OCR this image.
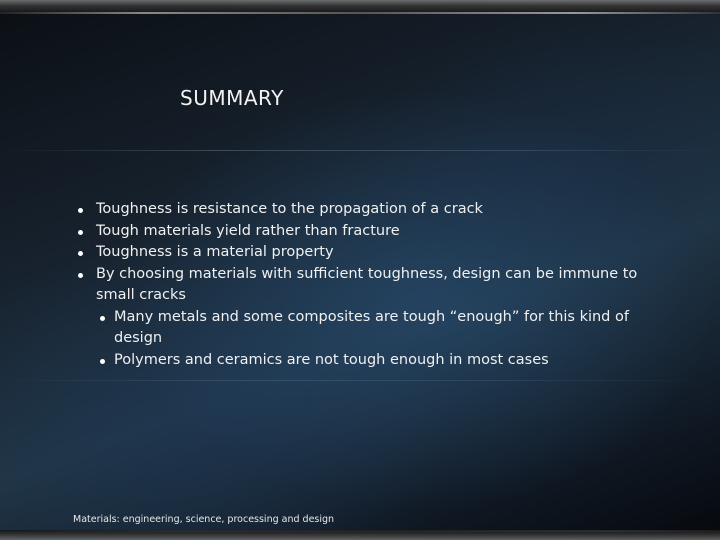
SUMMARY
Toughness is resistance to the propagation of a crack
Tough materials yield rather than fracture
Toughness is a material property
By choosing materials with sufficient toughness, design can be immune to small cracks
Many metals and some composites are tough “enough” for this kind of design
Polymers and ceramics are not tough enough in most cases
Materials: engineering, science, processing and design
